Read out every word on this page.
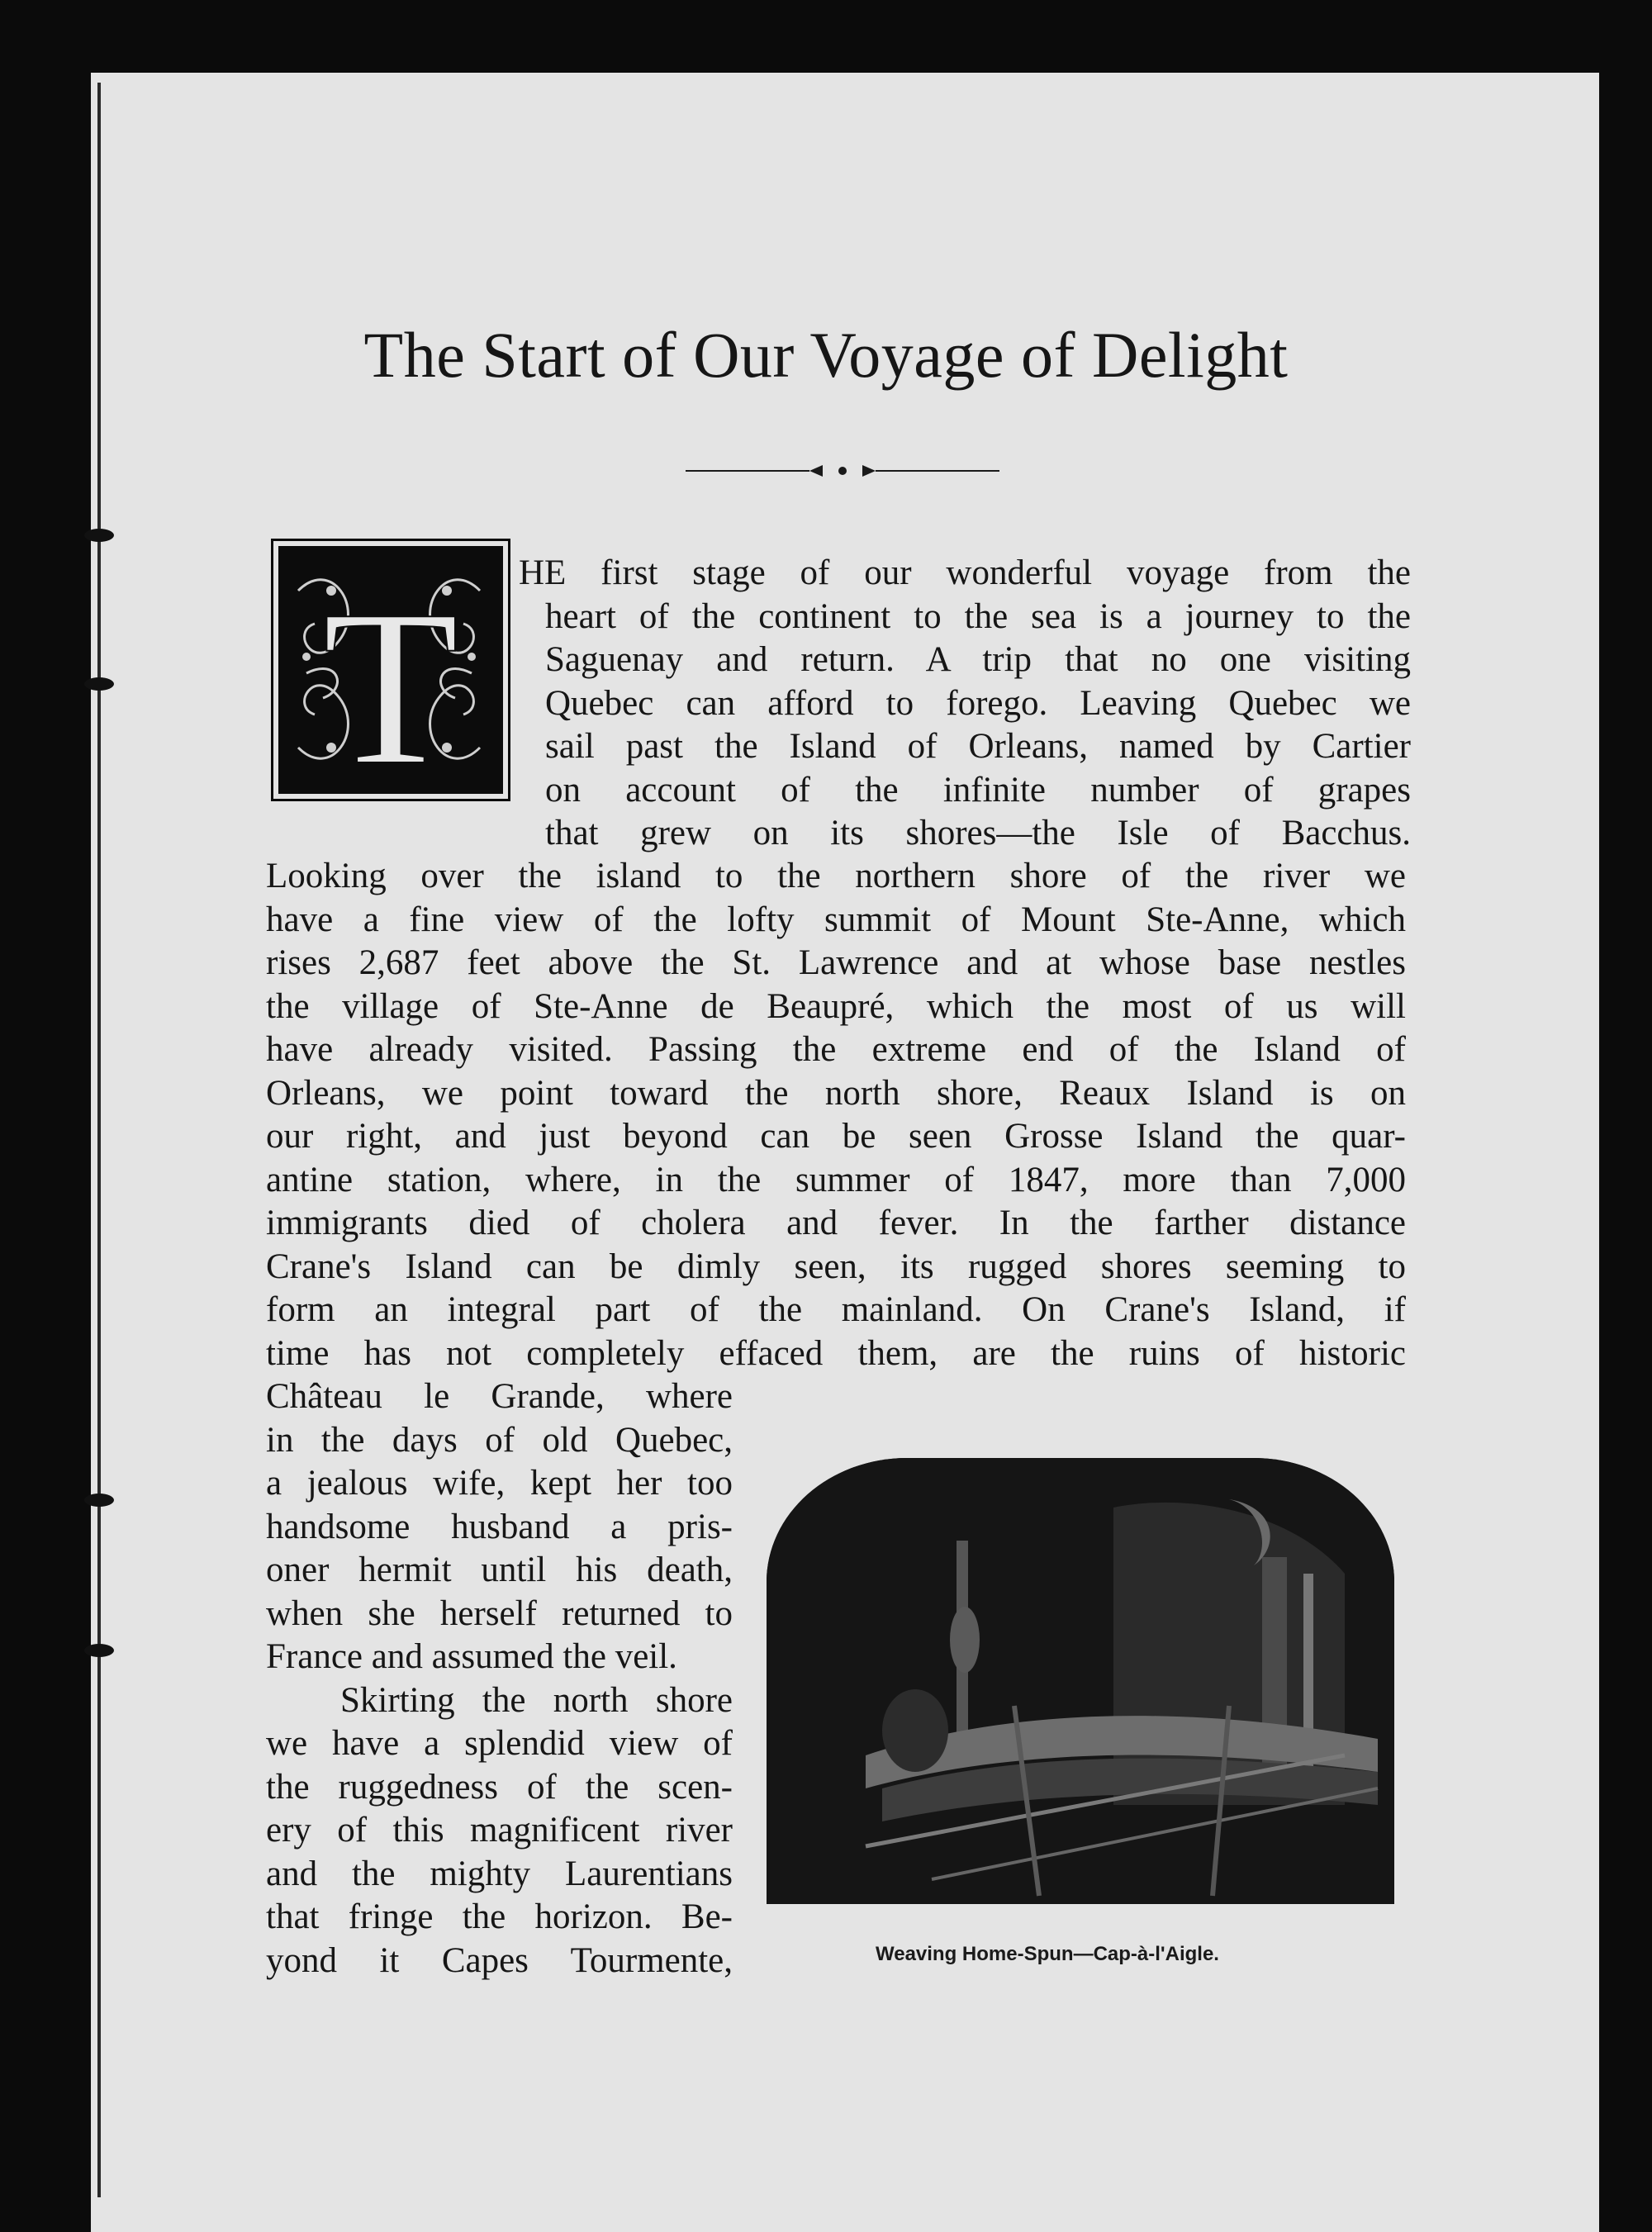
The Start of Our Voyage of Delight
T HE first stage of our wonderful voyage from the
heart of the continent to the sea is a journey to the
Saguenay and return. A trip that no one visiting
Quebec can afford to forego. Leaving Quebec we
sail past the Island of Orleans, named by Cartier
on account of the infinite number of grapes
that grew on its shores—the Isle of Bacchus.
Looking over the island to the northern shore of the river we
have a fine view of the lofty summit of Mount Ste-Anne, which
rises 2,687 feet above the St. Lawrence and at whose base nestles
the village of Ste-Anne de Beaupré, which the most of us will
have already visited. Passing the extreme end of the Island of
Orleans, we point toward the north shore, Reaux Island is on
our right, and just beyond can be seen Grosse Island the quar-
antine station, where, in the summer of 1847, more than 7,000
immigrants died of cholera and fever. In the farther distance
Crane's Island can be dimly seen, its rugged shores seeming to
form an integral part of the mainland. On Crane's Island, if
time has not completely effaced them, are the ruins of historic
Château le Grande, where
in the days of old Quebec,
a jealous wife, kept her too
handsome husband a pris-
oner hermit until his death,
when she herself returned to
France and assumed the veil.
Skirting the north shore
we have a splendid view of
the ruggedness of the scen-
ery of this magnificent river
and the mighty Laurentians
that fringe the horizon. Be-
yond it Capes Tourmente,	Weaving Home-Spun—Cap-à-l'Aigle.
